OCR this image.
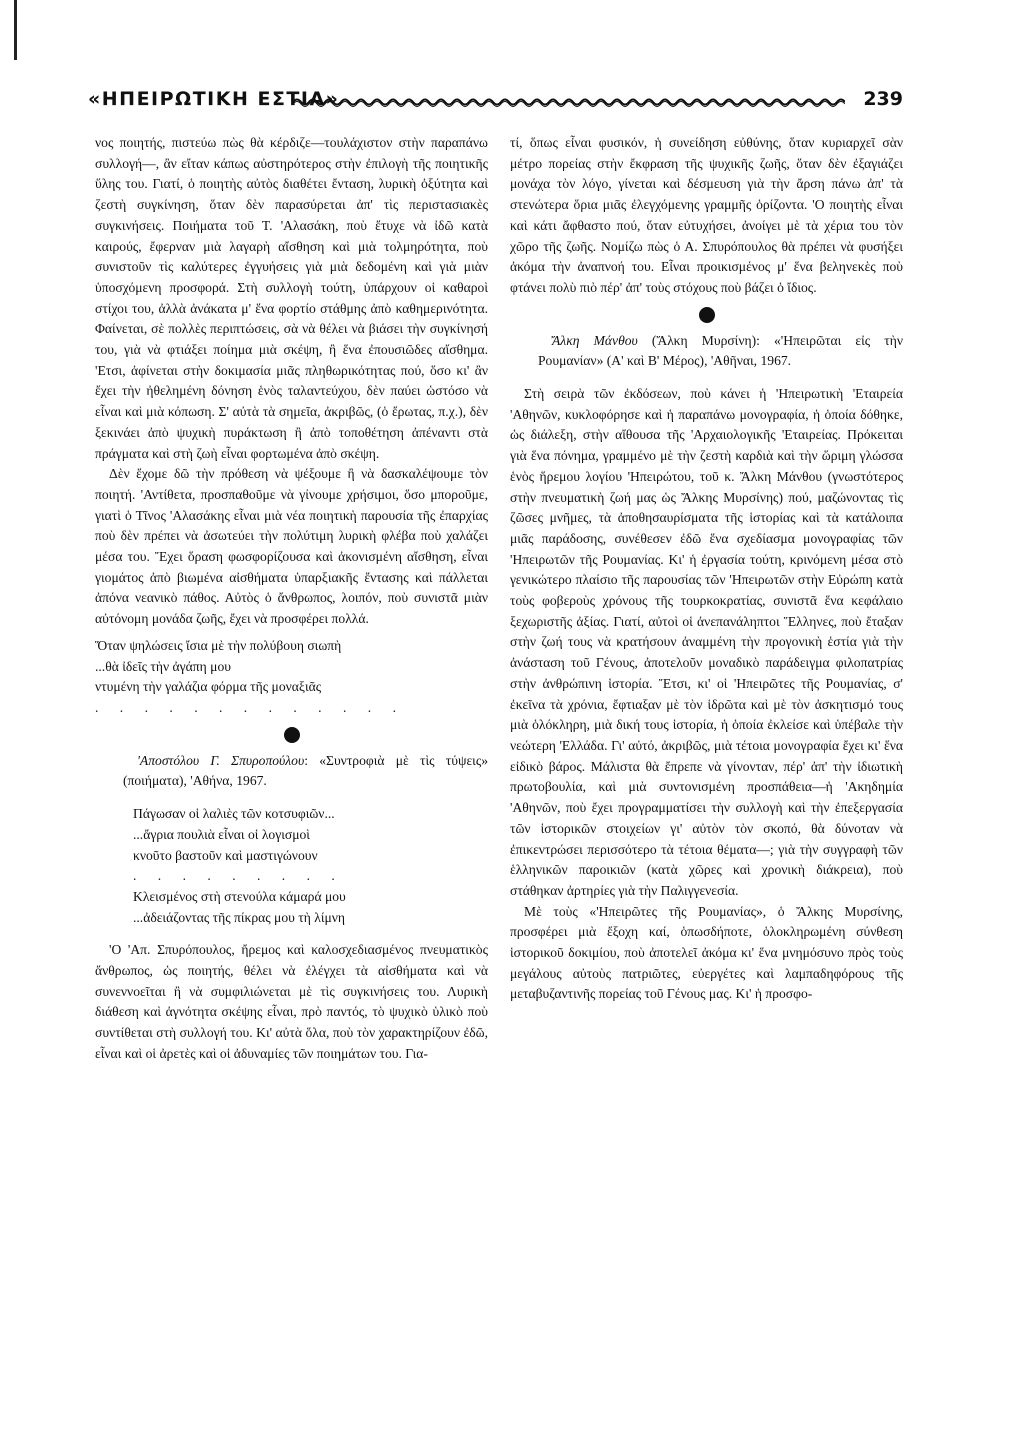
«ΗΠΕΙΡΩΤΙΚΗ ΕΣΤΙΑ»	239

νος ποιητής, πιστεύω πὼς θὰ κέρδιζε—τουλάχιστον στὴν παραπάνω συλλογή—, ἂν εἴταν κάπως αὐστηρότερος στὴν ἐπιλογὴ τῆς ποιητικῆς ὕλης του. Γιατί, ὁ ποιητὴς αὐτὸς διαθέτει ἔνταση, λυρικὴ ὀξύτητα καὶ ζεστὴ συγκίνηση, ὅταν δὲν παρασύρεται ἀπ' τὶς περιστασιακὲς συγκινήσεις. Ποιήματα τοῦ Τ. 'Αλασάκη, ποὺ ἔτυχε νὰ ἰδῶ κατὰ καιρούς, ἔφερναν μιὰ λαγαρὴ αἴσθηση καὶ μιὰ τολμηρότητα, ποὺ συνιστοῦν τὶς καλύτερες ἐγγυήσεις γιὰ μιὰ δεδομένη καὶ γιὰ μιὰν ὑποσχόμενη προσφορά. Στὴ συλλογὴ τούτη, ὑπάρχουν οἱ καθαροὶ στίχοι του, ἀλλὰ ἀνάκατα μ' ἕνα φορτίο στάθμης ἀπὸ καθημερινότητα. Φαίνεται, σὲ πολλὲς περιπτώσεις, σὰ νὰ θέλει νὰ βιάσει τὴν συγκίνησή του, γιὰ νὰ φτιάξει ποίημα μιὰ σκέψη, ἢ ἕνα ἐπουσιῶδες αἴσθημα. 'Ετσι, ἀφίνεται στὴν δοκιμασία μιᾶς πληθωρικότητας πού, ὅσο κι' ἂν ἔχει τὴν ἠθελημένη δόνηση ἑνὸς ταλαντεύχου, δὲν παύει ὡστόσο νὰ εἶναι καὶ μιὰ κόπωση. Σ' αὐτὰ τὰ σημεῖα, ἀκριβῶς, (ὁ ἔρωτας, π.χ.), δὲν ξεκινάει ἀπὸ ψυχικὴ πυράκτωση ἢ ἀπὸ τοποθέτηση ἀπέναντι στὰ πράγματα καὶ στὴ ζωὴ εἶναι φορτωμένα ἀπὸ σκέψη.

Δὲν ἔχομε δῶ τὴν πρόθεση νὰ ψέξουμε ἢ νὰ δασκαλέψουμε τὸν ποιητή. 'Αντίθετα, προσπαθοῦμε νὰ γίνουμε χρήσιμοι, ὅσο μποροῦμε, γιατὶ ὁ Τῖνος 'Αλασάκης εἶναι μιὰ νέα ποιητικὴ παρουσία τῆς ἐπαρχίας ποὺ δὲν πρέπει νὰ ἀσωτεύει τὴν πολύτιμη λυρικὴ φλέβα ποὺ χαλάζει μέσα του. Ἔχει ὅραση φωσφορίζουσα καὶ ἀκονισμένη αἴσθηση, εἶναι γιομάτος ἀπὸ βιωμένα αἰσθήματα ὑπαρξιακῆς ἔντασης καὶ πάλλεται ἀπόνα νεανικὸ πάθος. Αὐτὸς ὁ ἄνθρωπος, λοιπόν, ποὺ συνιστᾶ μιὰν αὐτόνομη μονάδα ζωῆς, ἔχει νὰ προσφέρει πολλά.

Ὅταν ψηλώσεις ἴσια μὲ τὴν πολύβουη σιωπὴ
...θὰ ἰδεῖς τὴν ἀγάπη μου
ντυμένη τὴν γαλάζια φόρμα τῆς μοναξιᾶς
. . . . . . . . . . . . .

'Αποστόλου Γ. Σπυροπούλου: «Συντροφιὰ μὲ τὶς τύψεις» (ποιήματα), 'Αθήνα, 1967.

Πάγωσαν οἱ λαλιὲς τῶν κοτσυφιῶν...
...ἄγρια πουλιὰ εἶναι οἱ λογισμοὶ
κνοῦτο βαστοῦν καὶ μαστιγώνουν
. . . . . . . . .
Κλεισμένος στὴ στενούλα κάμαρά μου
...ἀδειάζοντας τῆς πίκρας μου τὴ λίμνη

'Ο 'Απ. Σπυρόπουλος, ἤρεμος καὶ καλοσχεδιασμένος πνευματικὸς ἄνθρωπος, ὡς ποιητής, θέλει νὰ ἐλέγχει τὰ αἰσθήματα καὶ νὰ συνεννοεῖται ἢ νὰ συμφιλιώνεται μὲ τὶς συγκινήσεις του. Λυρικὴ διάθεση καὶ ἀγνότητα σκέψης εἶναι, πρὸ παντός, τὸ ψυχικὸ ὑλικὸ ποὺ συντίθεται στὴ συλλογή του. Κι' αὐτὰ ὅλα, ποὺ τὸν χαρακτηρίζουν ἐδῶ, εἶναι καὶ οἱ ἀρετὲς καὶ οἱ ἀδυναμίες τῶν ποιημάτων του. Για-

τί, ὅπως εἶναι φυσικόν, ἡ συνείδηση εὐθύνης, ὅταν κυριαρχεῖ σὰν μέτρο πορείας στὴν ἔκφραση τῆς ψυχικῆς ζωῆς, ὅταν δὲν ἐξαγιάζει μονάχα τὸν λόγο, γίνεται καὶ δέσμευση γιὰ τὴν ἄρση πάνω ἀπ' τὰ στενώτερα ὅρια μιᾶς ἐλεγχόμενης γραμμῆς ὁρίζοντα. 'Ο ποιητὴς εἶναι καὶ κάτι ἄφθαστο πού, ὅταν εὐτυχήσει, ἀνοίγει μὲ τὰ χέρια του τὸν χῶρο τῆς ζωῆς. Νομίζω πὼς ὁ Α. Σπυρόπουλος θὰ πρέπει νὰ φυσήξει ἀκόμα τὴν ἀναπνοή του. Εἶναι προικισμένος μ' ἕνα βεληνεκὲς ποὺ φτάνει πολὺ πιὸ πέρ' ἀπ' τοὺς στόχους ποὺ βάζει ὁ ἴδιος.

Ἄλκη Μάνθου (Ἄλκη Μυρσίνη): «'Ηπειρῶται εἰς τὴν Ρουμανίαν» (Α' καὶ Β' Μέρος), 'Αθῆναι, 1967.

Στὴ σειρὰ τῶν ἐκδόσεων, ποὺ κάνει ἡ 'Ηπειρωτικὴ 'Εταιρεία 'Αθηνῶν, κυκλοφόρησε καὶ ἡ παραπάνω μονογραφία, ἡ ὁποία δόθηκε, ὡς διάλεξη, στὴν αἴθουσα τῆς 'Αρχαιολογικῆς 'Εταιρείας. Πρόκειται γιὰ ἕνα πόνημα, γραμμένο μὲ τὴν ζεστὴ καρδιὰ καὶ τὴν ὥριμη γλώσσα ἑνὸς ἥρεμου λογίου 'Ηπειρώτου, τοῦ κ. Ἄλκη Μάνθου (γνωστότερος στὴν πνευματικὴ ζωή μας ὡς Ἄλκης Μυρσίνης) πού, μαζώνοντας τὶς ζῶσες μνῆμες, τὰ ἀποθησαυρίσματα τῆς ἱστορίας καὶ τὰ κατάλοιπα μιᾶς παράδοσης, συνέθεσεν ἐδῶ ἕνα σχεδίασμα μονογραφίας τῶν 'Ηπειρωτῶν τῆς Ρουμανίας. Κι' ἡ ἐργασία τούτη, κρινόμενη μέσα στὸ γενικώτερο πλαίσιο τῆς παρουσίας τῶν 'Ηπειρωτῶν στὴν Εὐρώπη κατὰ τοὺς φοβεροὺς χρόνους τῆς τουρκοκρατίας, συνιστᾶ ἕνα κεφάλαιο ξεχωριστῆς ἀξίας. Γιατί, αὐτοὶ οἱ ἀνεπανάληπτοι Ἕλληνες, ποὺ ἔταξαν στὴν ζωή τους νὰ κρατήσουν ἀναμμένη τὴν προγονικὴ ἑστία γιὰ τὴν ἀνάσταση τοῦ Γένους, ἀποτελοῦν μοναδικὸ παράδειγμα φιλοπατρίας στὴν ἀνθρώπινη ἱστορία. Ἔτσι, κι' οἱ 'Ηπειρῶτες τῆς Ρουμανίας, σ' ἐκεῖνα τὰ χρόνια, ἔφτιαξαν μὲ τὸν ἱδρῶτα καὶ μὲ τὸν ἀσκητισμό τους μιὰ ὁλόκληρη, μιὰ δική τους ἱστορία, ἡ ὁποία ἐκλείσε καὶ ὑπέβαλε τὴν νεώτερη 'Ελλάδα. Γι' αὐτό, ἀκριβῶς, μιὰ τέτοια μονογραφία ἔχει κι' ἕνα εἰδικὸ βάρος. Μάλιστα θὰ ἔπρεπε νὰ γίνονταν, πέρ' ἀπ' τὴν ἰδιωτικὴ πρωτοβουλία, καὶ μιὰ συντονισμένη προσπάθεια—ἡ 'Ακηδημία 'Αθηνῶν, ποὺ ἔχει προγραμματίσει τὴν συλλογὴ καὶ τὴν ἐπεξεργασία τῶν ἱστορικῶν στοιχείων γι' αὐτὸν τὸν σκοπό, θὰ δύνοταν νὰ ἐπικεντρώσει περισσότερο τὰ τέτοια θέματα—; γιὰ τὴν συγγραφὴ τῶν ἑλληνικῶν παροικιῶν (κατὰ χῶρες καὶ χρονικὴ διάκρεια), ποὺ στάθηκαν ἀρτηρίες γιὰ τὴν Παλιγγενεσία.

Μὲ τοὺς «'Ηπειρῶτες τῆς Ρουμανίας», ὁ Ἄλκης Μυρσίνης, προσφέρει μιὰ ἔξοχη καί, ὁπωσδήποτε, ὁλοκληρωμένη σύνθεση ἱστορικοῦ δοκιμίου, ποὺ ἀποτελεῖ ἀκόμα κι' ἕνα μνημόσυνο πρὸς τοὺς μεγάλους αὐτοὺς πατριῶτες, εὐεργέτες καὶ λαμπαδηφόρους τῆς μεταβυζαντινῆς πορείας τοῦ Γένους μας. Κι' ἡ προσφο-
